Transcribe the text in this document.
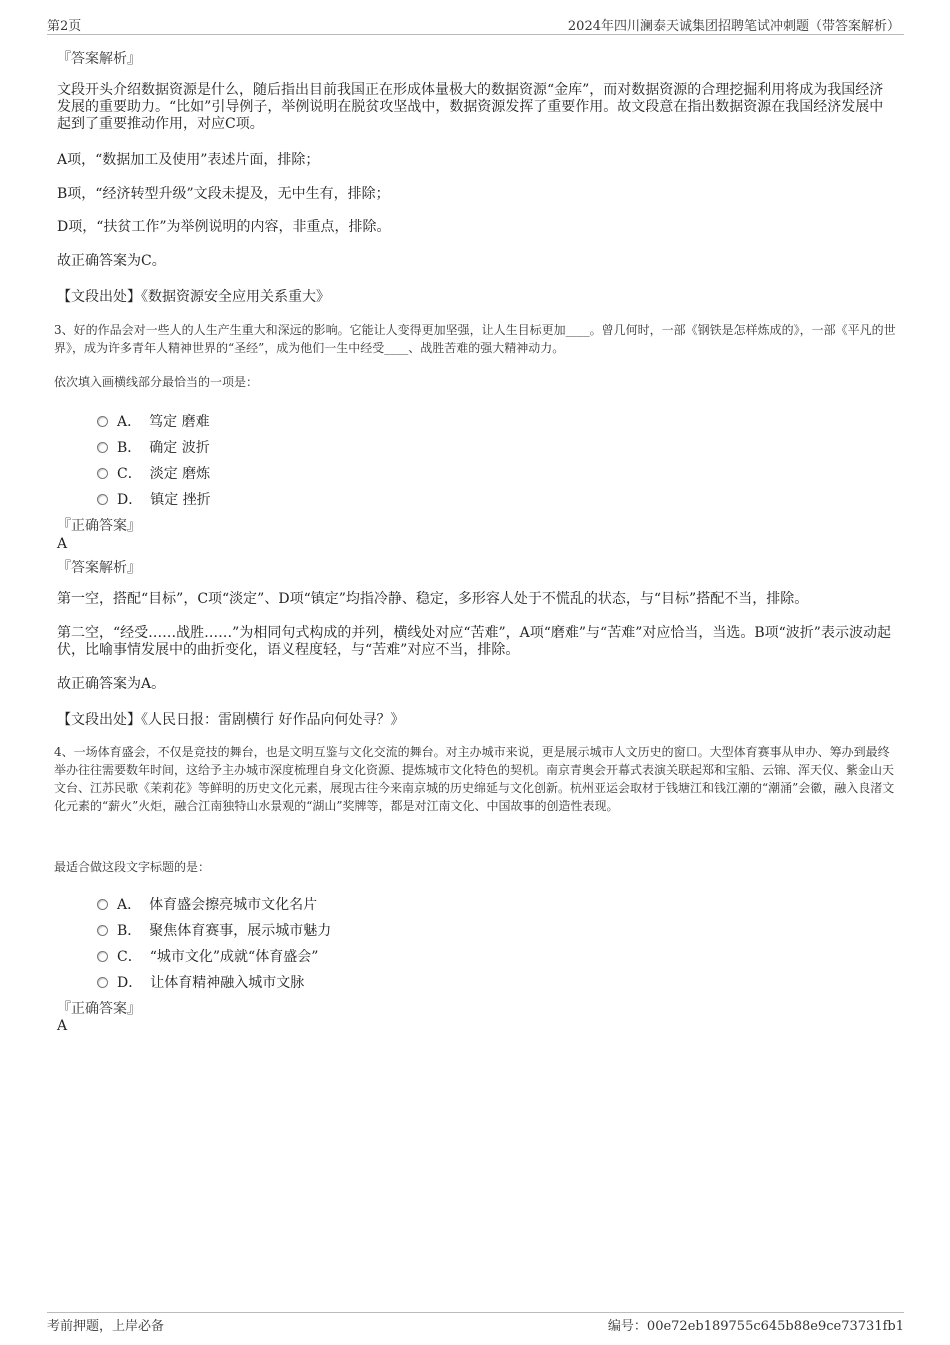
第2页	2024年四川澜泰天诚集团招聘笔试冲刺题（带答案解析）
『答案解析』
文段开头介绍数据资源是什么，随后指出目前我国正在形成体量极大的数据资源“金库”，而对数据资源的合理挖掘利用将成为我国经济发展的重要助力。“比如”引导例子，举例说明在脱贫攻坚战中，数据资源发挥了重要作用。故文段意在指出数据资源在我国经济发展中起到了重要推动作用，对应C项。
A项，“数据加工及使用”表述片面，排除；
B项，“经济转型升级”文段未提及，无中生有，排除；
D项，“扶贫工作”为举例说明的内容，非重点，排除。
故正确答案为C。
【文段出处】《数据资源安全应用关系重大》
3、好的作品会对一些人的人生产生重大和深远的影响。它能让人变得更加坚强，让人生目标更加____。曾几何时，一部《钢铁是怎样炼成的》，一部《平凡的世界》，成为许多青年人精神世界的“圣经”，成为他们一生中经受____、战胜苦难的强大精神动力。
依次填入画横线部分最恰当的一项是：
A． 笃定 磨难
B． 确定 波折
C． 淡定 磨炼
D． 镇定 挫折
『正确答案』
A
『答案解析』
第一空，搭配“目标”，C项“淡定”、D项“镇定”均指冷静、稳定，多形容人处于不慌乱的状态，与“目标”搭配不当，排除。
第二空，“经受……战胜……”为相同句式构成的并列，横线处对应“苦难”，A项“磨难”与“苦难”对应恰当，当选。B项“波折”表示波动起伏，比喻事情发展中的曲折变化，语义程度轻，与“苦难”对应不当，排除。
故正确答案为A。
【文段出处】《人民日报：雷剧横行 好作品向何处寻？》
4、一场体育盛会，不仅是竞技的舞台，也是文明互鉴与文化交流的舞台。对主办城市来说，更是展示城市人文历史的窗口。大型体育赛事从申办、筹办到最终举办往往需要数年时间，这给予主办城市深度梳理自身文化资源、提炼城市文化特色的契机。南京青奥会开幕式表演关联起郑和宝船、云锦、浑天仪、紫金山天文台、江苏民歌《茉莉花》等鲜明的历史文化元素，展现古往今来南京城的历史绵延与文化创新。杭州亚运会取材于钱塘江和钱江潮的“潮涌”会徽，融入良渚文化元素的“薪火”火炬，融合江南独特山水景观的“湖山”奖牌等，都是对江南文化、中国故事的创造性表现。
最适合做这段文字标题的是：
A． 体育盛会擦亮城市文化名片
B． 聚焦体育赛事，展示城市魅力
C． “城市文化”成就“体育盛会”
D． 让体育精神融入城市文脉
『正确答案』
A
考前押题，上岸必备	编号：00e72eb189755c645b88e9ce73731fb1
